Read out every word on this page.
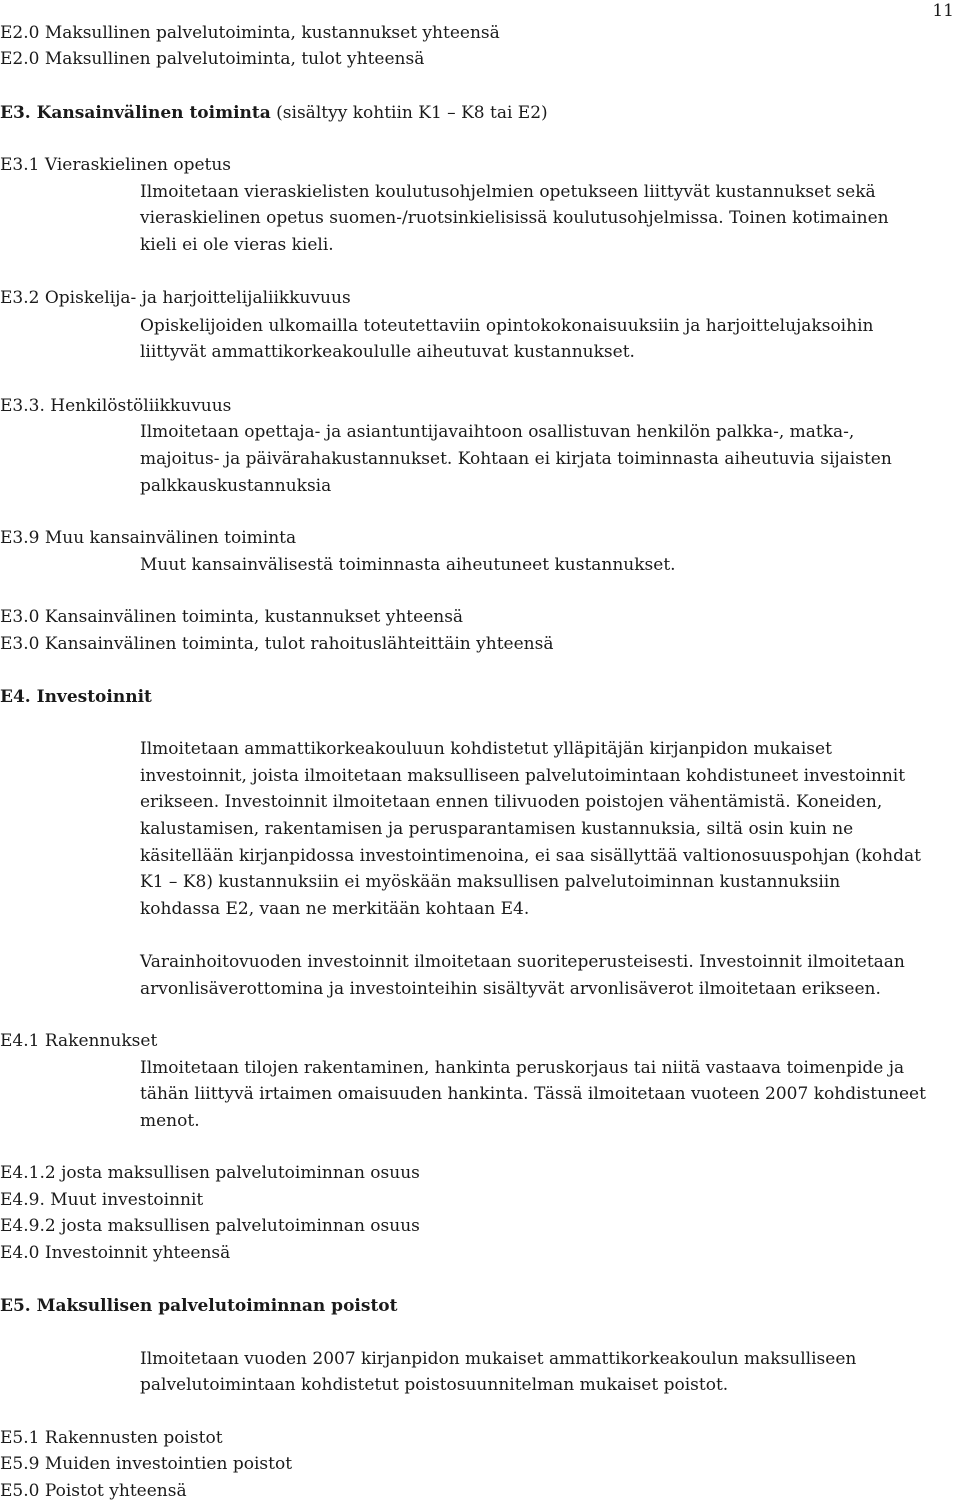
11
E2.0 Maksullinen palvelutoiminta, kustannukset yhteensä
E2.0 Maksullinen palvelutoiminta, tulot yhteensä
E3. Kansainvälinen toiminta (sisältyy kohtiin K1 – K8 tai E2)
E3.1 Vieraskielinen opetus
Ilmoitetaan vieraskielisten koulutusohjelmien opetukseen liittyvät kustannukset sekä
vieraskielinen opetus suomen-/ruotsinkielisissä koulutusohjelmissa. Toinen kotimainen
kieli ei ole vieras kieli.
E3.2 Opiskelija- ja harjoittelijaliikkuvuus
Opiskelijoiden ulkomailla toteutettaviin opintokokonaisuuksiin ja harjoittelujaksoihin
liittyvät ammattikorkeakoululle aiheutuvat kustannukset.
E3.3. Henkilöstöliikkuvuus
Ilmoitetaan opettaja- ja asiantuntijavaihtoon osallistuvan henkilön palkka-, matka-,
majoitus- ja päivärahakustannukset. Kohtaan ei kirjata toiminnasta aiheutuvia sijaisten
palkkauskustannuksia
E3.9 Muu kansainvälinen toiminta
Muut kansainvälisestä toiminnasta aiheutuneet kustannukset.
E3.0 Kansainvälinen toiminta, kustannukset yhteensä
E3.0 Kansainvälinen toiminta, tulot rahoituslähteittäin yhteensä
E4. Investoinnit
Ilmoitetaan ammattikorkeakouluun kohdistetut ylläpitäjän kirjanpidon mukaiset
investoinnit, joista ilmoitetaan maksulliseen palvelutoimintaan kohdistuneet investoinnit
erikseen. Investoinnit ilmoitetaan ennen tilivuoden poistojen vähentämistä. Koneiden,
kalustamisen, rakentamisen ja perusparantamisen kustannuksia, siltä osin kuin ne
käsitellään kirjanpidossa investointimenoina, ei saa sisällyttää valtionosuuspohjan (kohdat
K1 – K8) kustannuksiin ei myöskään maksullisen palvelutoiminnan kustannuksiin
kohdassa E2, vaan ne merkitään kohtaan E4.
Varainhoitovuoden investoinnit ilmoitetaan suoriteperusteisesti. Investoinnit ilmoitetaan
arvonlisäverottomina ja investointeihin sisältyvät arvonlisäverot ilmoitetaan erikseen.
E4.1 Rakennukset
Ilmoitetaan tilojen rakentaminen, hankinta peruskorjaus tai niitä vastaava toimenpide ja
tähän liittyvä irtaimen omaisuuden hankinta. Tässä ilmoitetaan vuoteen 2007 kohdistuneet
menot.
E4.1.2 josta maksullisen palvelutoiminnan osuus
E4.9. Muut investoinnit
E4.9.2 josta maksullisen palvelutoiminnan osuus
E4.0 Investoinnit yhteensä
E5. Maksullisen palvelutoiminnan poistot
Ilmoitetaan vuoden 2007 kirjanpidon mukaiset ammattikorkeakoulun maksulliseen
palvelutoimintaan kohdistetut poistosuunnitelman mukaiset poistot.
E5.1 Rakennusten poistot
E5.9 Muiden investointien poistot
E5.0 Poistot yhteensä
